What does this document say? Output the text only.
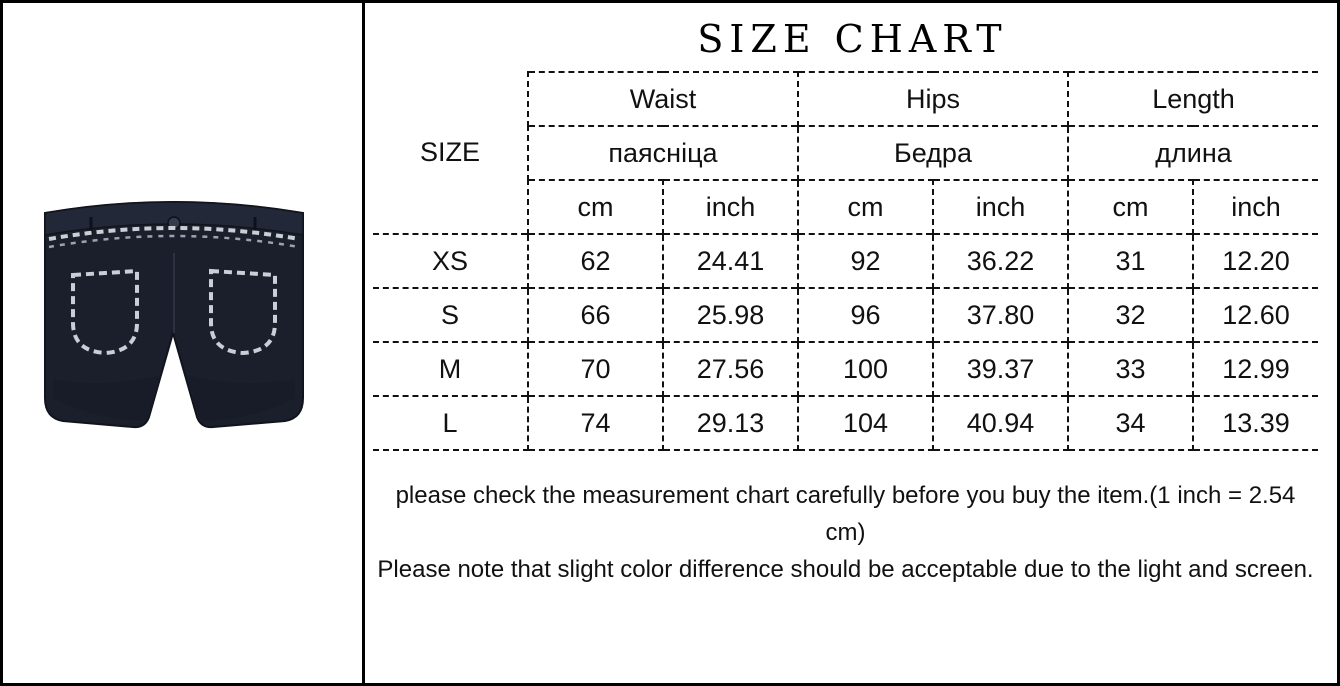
SIZE CHART
SIZE	Waist		Hips		Length	
	паясніца		Бедра		длина	
	cm	inch	cm	inch	cm	inch
XS	62	24.41	92	36.22	31	12.20
S	66	25.98	96	37.80	32	12.60
M	70	27.56	100	39.37	33	12.99
L	74	29.13	104	40.94	34	13.39

please check the measurement chart carefully before you buy the item.(1 inch = 2.54 cm)

Please note that slight color difference should be acceptable due to the light and screen.
